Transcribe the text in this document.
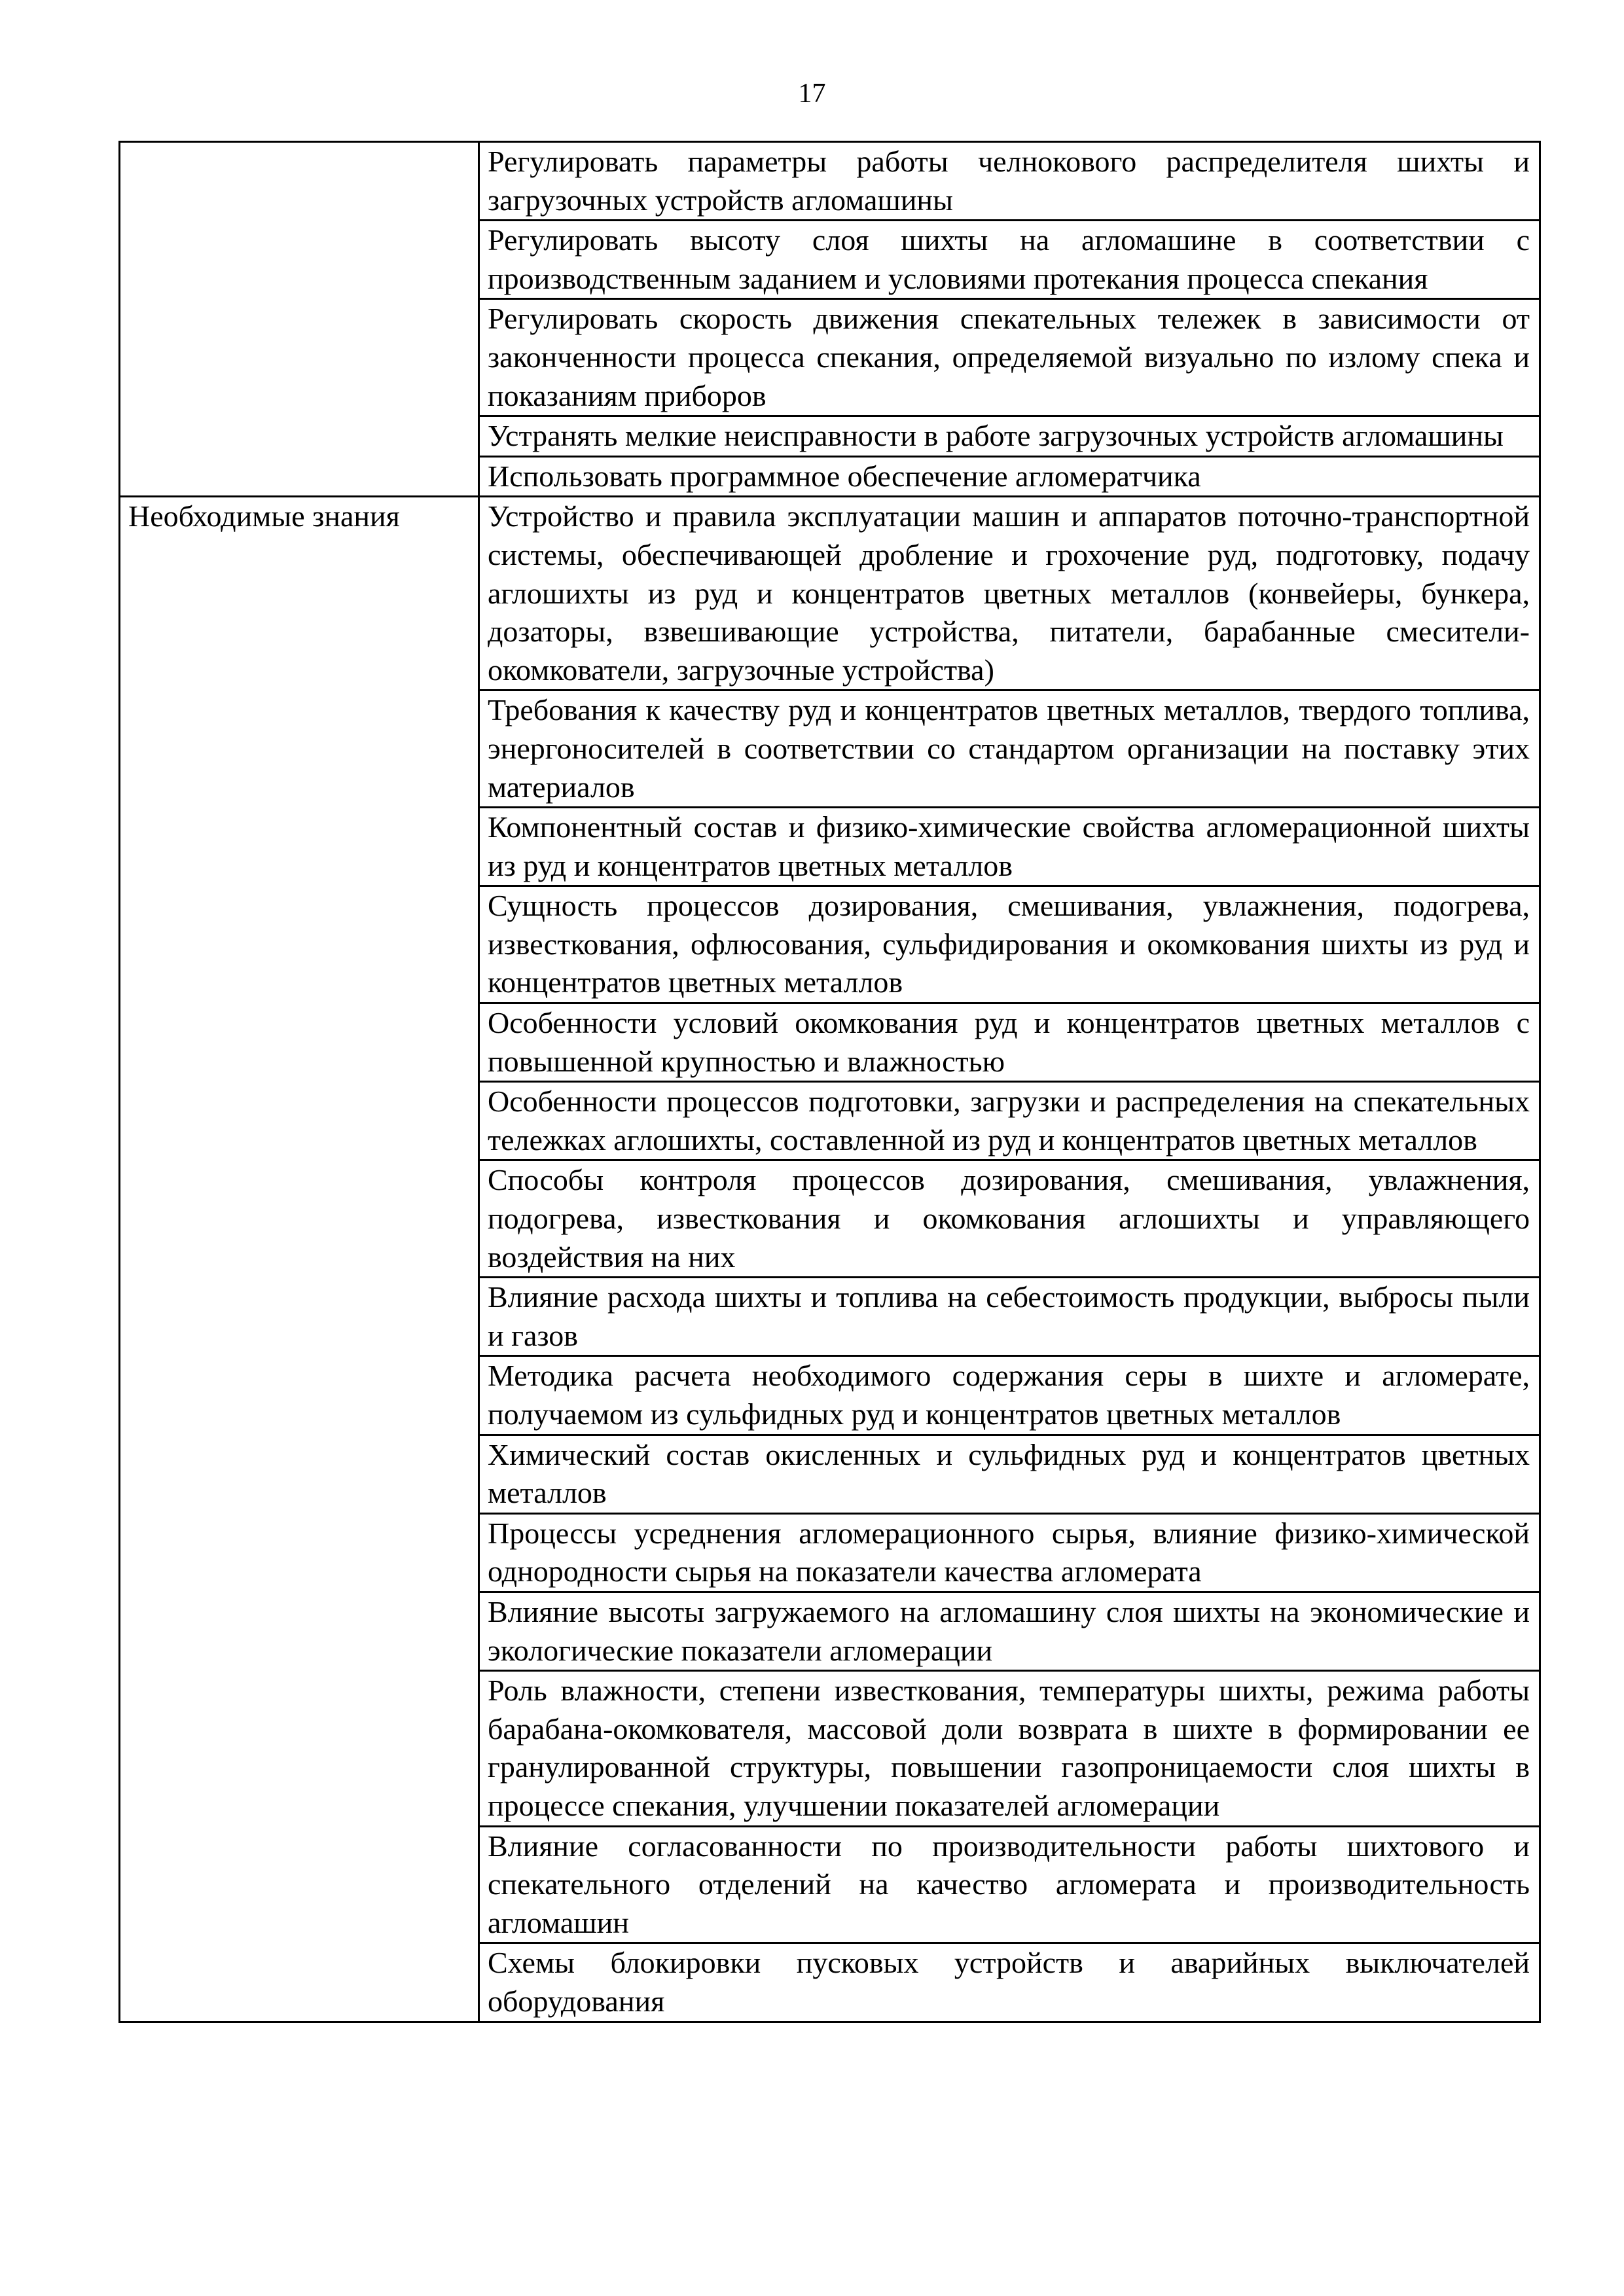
17
	Регулировать параметры работы челнокового распределителя шихты и загрузочных устройств агломашины
	Регулировать высоту слоя шихты на агломашине в соответствии с производственным заданием и условиями протекания процесса спекания
	Регулировать скорость движения спекательных тележек в зависимости от законченности процесса спекания, определяемой визуально по излому спека и показаниям приборов
	Устранять мелкие неисправности в работе загрузочных устройств агломашины
	Использовать программное обеспечение агломератчика
Необходимые знания	Устройство и правила эксплуатации машин и аппаратов поточно-транспортной системы, обеспечивающей дробление и грохочение руд, подготовку, подачу аглошихты из руд и концентратов цветных металлов (конвейеры, бункера, дозаторы, взвешивающие устройства, питатели, барабанные смесители-окомкователи, загрузочные устройства)
	Требования к качеству руд и концентратов цветных металлов, твердого топлива, энергоносителей в соответствии со стандартом организации на поставку этих материалов
	Компонентный состав и физико-химические свойства агломерационной шихты из руд и концентратов цветных металлов
	Сущность процессов дозирования, смешивания, увлажнения, подогрева, известкования, офлюсования, сульфидирования и окомкования шихты из руд и концентратов цветных металлов
	Особенности условий окомкования руд и концентратов цветных металлов с повышенной крупностью и влажностью
	Особенности процессов подготовки, загрузки и распределения на спекательных тележках аглошихты, составленной из руд и концентратов цветных металлов
	Способы контроля процессов дозирования, смешивания, увлажнения, подогрева, известкования и окомкования аглошихты и управляющего воздействия на них
	Влияние расхода шихты и топлива на себестоимость продукции, выбросы пыли и газов
	Методика расчета необходимого содержания серы в шихте и агломерате, получаемом из сульфидных руд и концентратов цветных металлов
	Химический состав окисленных и сульфидных руд и концентратов цветных металлов
	Процессы усреднения агломерационного сырья, влияние физико-химической однородности сырья на показатели качества агломерата
	Влияние высоты загружаемого на агломашину слоя шихты на экономические и экологические показатели агломерации
	Роль влажности, степени известкования, температуры шихты, режима работы барабана-окомкователя, массовой доли возврата в шихте в формировании ее гранулированной структуры, повышении газопроницаемости слоя шихты в процессе спекания, улучшении показателей агломерации
	Влияние согласованности по производительности работы шихтового и спекательного отделений на качество агломерата и производительность агломашин
	Схемы блокировки пусковых устройств и аварийных выключателей оборудования
